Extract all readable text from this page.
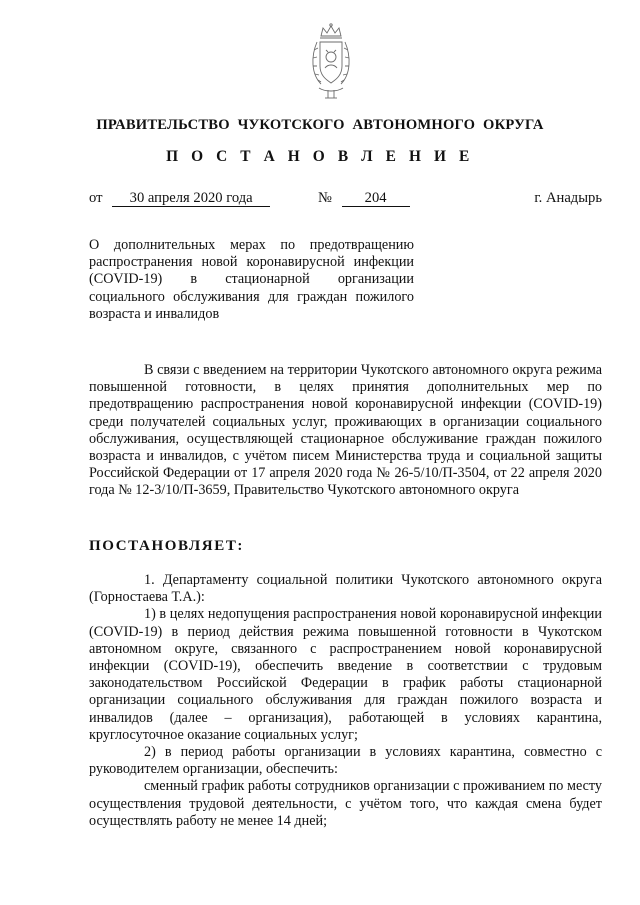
ПРАВИТЕЛЬСТВО ЧУКОТСКОГО АВТОНОМНОГО ОКРУГА
П О С Т А Н О В Л Е Н И Е
от 30 апреля 2020 года	№ 204	г. Анадырь
О дополнительных мерах по предотвращению распространения новой коронавирусной инфекции (COVID-19) в стационарной организации социального обслуживания для граждан пожилого возраста и инвалидов

В связи с введением на территории Чукотского автономного округа режима повышенной готовности, в целях принятия дополнительных мер по предотвращению распространения новой коронавирусной инфекции (COVID-19) среди получателей социальных услуг, проживающих в организации социального обслуживания, осуществляющей стационарное обслуживание граждан пожилого возраста и инвалидов, с учётом писем Министерства труда и социальной защиты Российской Федерации от 17 апреля 2020 года № 26-5/10/П-3504, от 22 апреля 2020 года № 12-3/10/П-3659, Правительство Чукотского автономного округа

ПОСТАНОВЛЯЕТ:

1. Департаменту социальной политики Чукотского автономного округа (Горностаева Т.А.):

1) в целях недопущения распространения новой коронавирусной инфекции (COVID-19) в период действия режима повышенной готовности в Чукотском автономном округе, связанного с распространением новой коронавирусной инфекции (COVID-19), обеспечить введение в соответствии с трудовым законодательством Российской Федерации в график работы стационарной организации социального обслуживания для граждан пожилого возраста и инвалидов (далее – организация), работающей в условиях карантина, круглосуточное оказание социальных услуг;

2) в период работы организации в условиях карантина, совместно с руководителем организации, обеспечить:

сменный график работы сотрудников организации с проживанием по месту осуществления трудовой деятельности, с учётом того, что каждая смена будет осуществлять работу не менее 14 дней;
